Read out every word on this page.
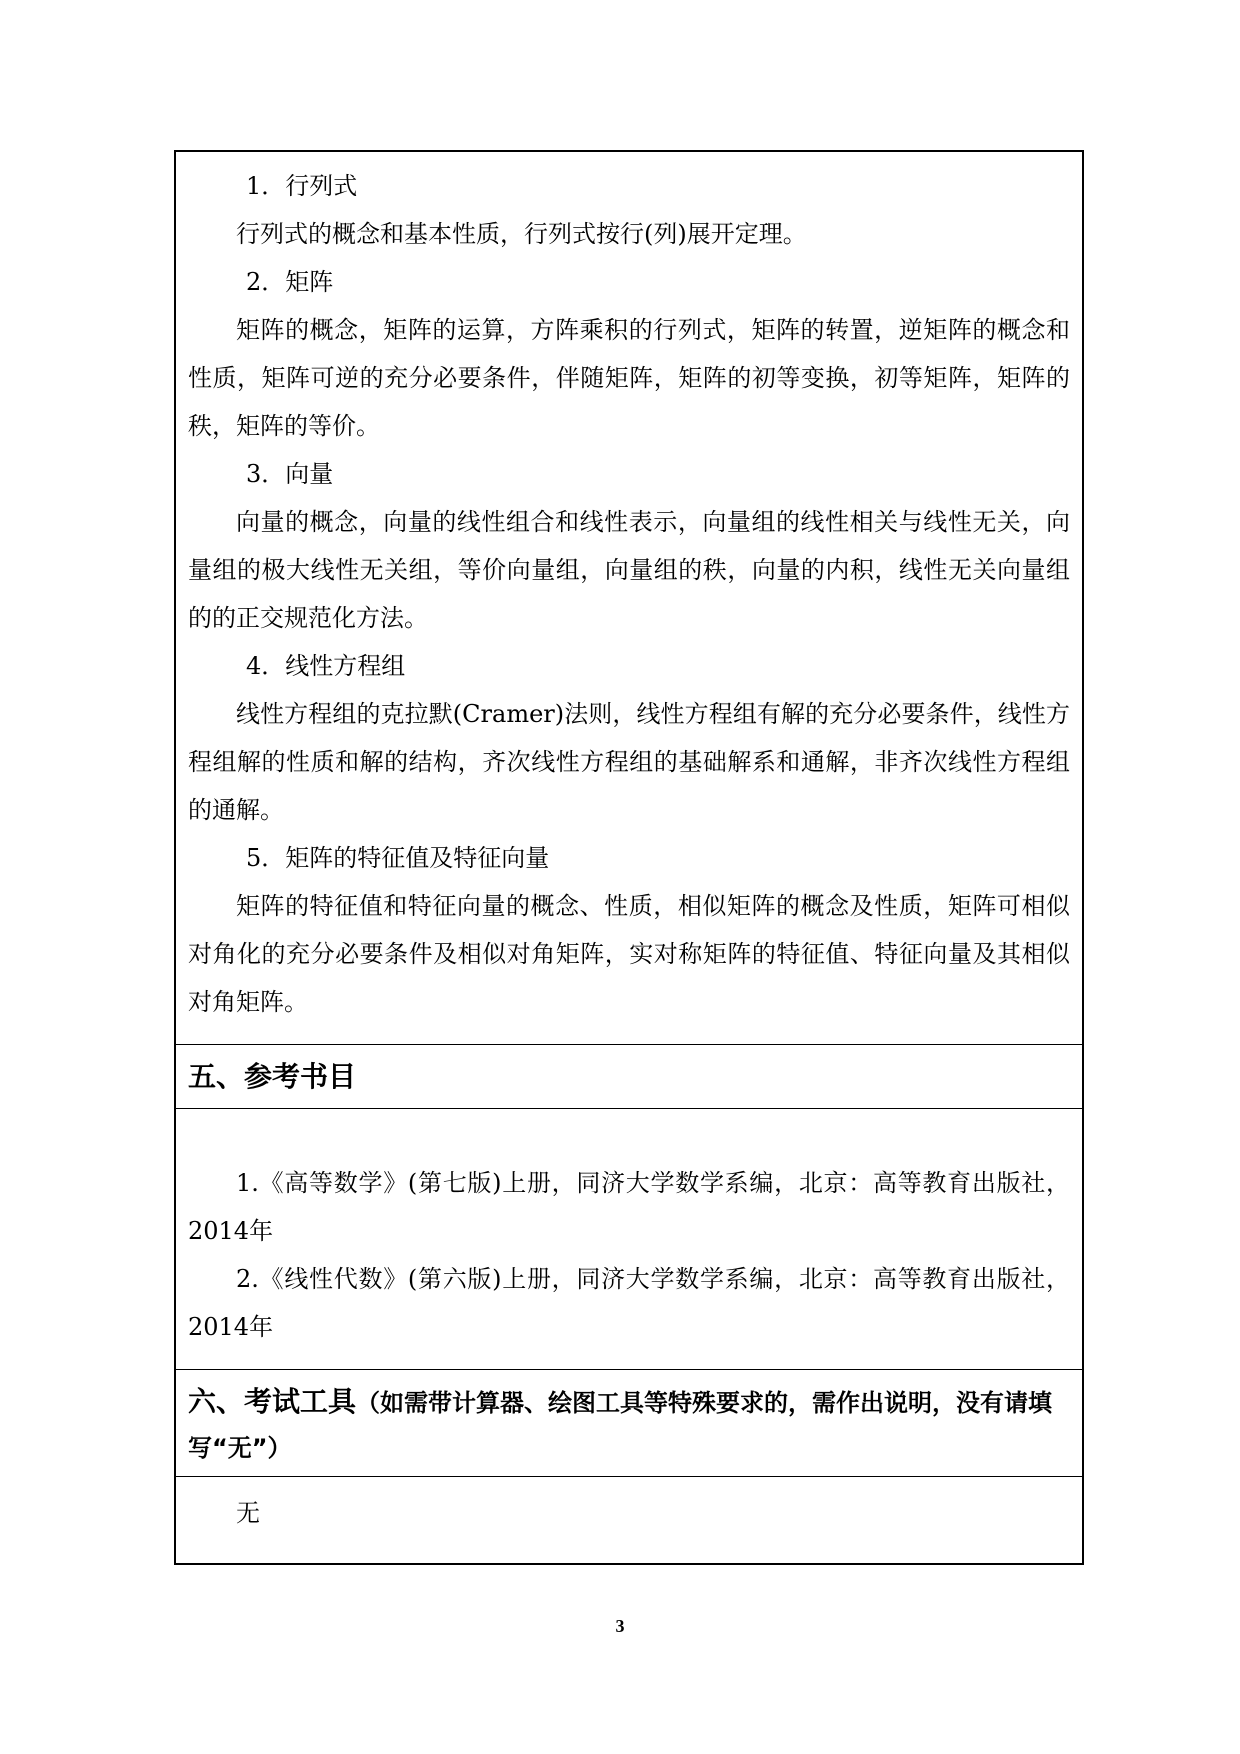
1．行列式
行列式的概念和基本性质，行列式按行(列)展开定理。
2．矩阵
矩阵的概念，矩阵的运算，方阵乘积的行列式，矩阵的转置，逆矩阵的概念和性质，矩阵可逆的充分必要条件，伴随矩阵，矩阵的初等变换，初等矩阵，矩阵的秩，矩阵的等价。
3．向量
向量的概念，向量的线性组合和线性表示，向量组的线性相关与线性无关，向量组的极大线性无关组，等价向量组，向量组的秩，向量的内积，线性无关向量组的的正交规范化方法。
4．线性方程组
线性方程组的克拉默(Cramer)法则，线性方程组有解的充分必要条件，线性方程组解的性质和解的结构，齐次线性方程组的基础解系和通解，非齐次线性方程组的通解。
5．矩阵的特征值及特征向量
矩阵的特征值和特征向量的概念、性质，相似矩阵的概念及性质，矩阵可相似对角化的充分必要条件及相似对角矩阵，实对称矩阵的特征值、特征向量及其相似对角矩阵。
五、参考书目
1.《高等数学》(第七版)上册，同济大学数学系编，北京：高等教育出版社，2014年
2.《线性代数》(第六版)上册，同济大学数学系编，北京：高等教育出版社，2014年
六、考试工具（如需带计算器、绘图工具等特殊要求的，需作出说明，没有请填写“无”）
无
3
